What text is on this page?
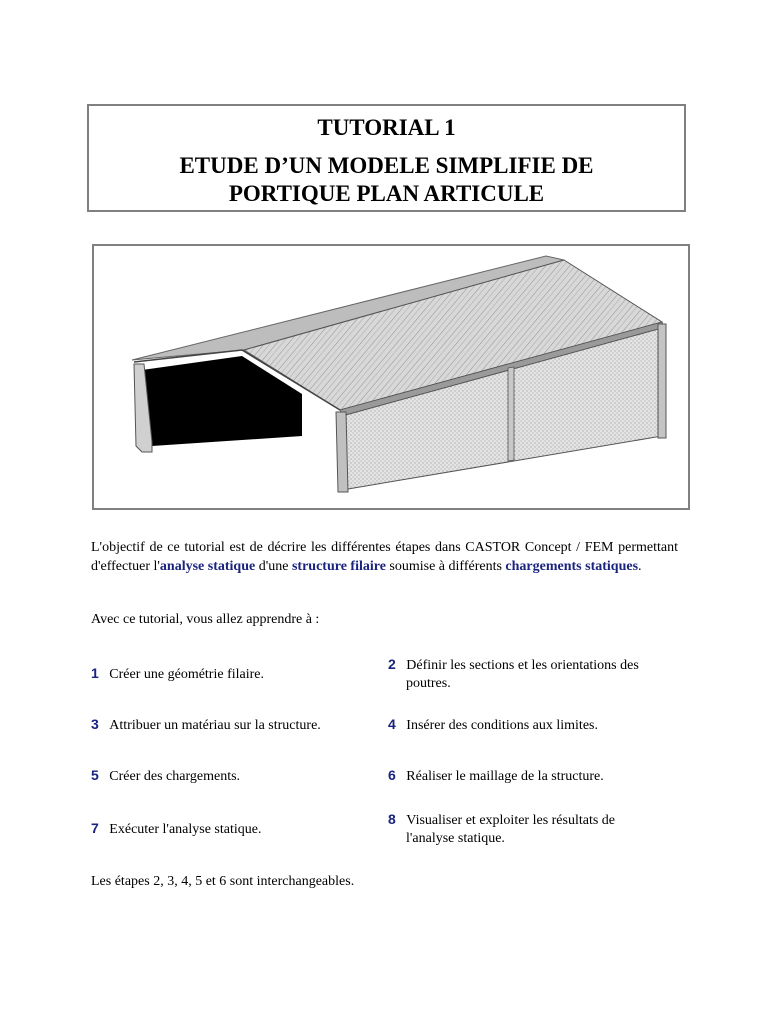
TUTORIAL 1
ETUDE D’UN MODELE SIMPLIFIE DE
PORTIQUE PLAN ARTICULE
L'objectif de ce tutorial est de décrire les différentes étapes dans CASTOR Concept / FEM permettant d'effectuer l'analyse statique d'une structure filaire soumise à différents chargements statiques.
Avec ce tutorial, vous allez apprendre à :
1 Créer une géométrie filaire.
2 Définir les sections et les orientations des
poutres.
3 Attribuer un matériau sur la structure.	4 Insérer des conditions aux limites.
5 Créer des chargements.	6 Réaliser le maillage de la structure.
7 Exécuter l'analyse statique.
8 Visualiser et exploiter les résultats de
l'analyse statique.
Les étapes 2, 3, 4, 5 et 6 sont interchangeables.
